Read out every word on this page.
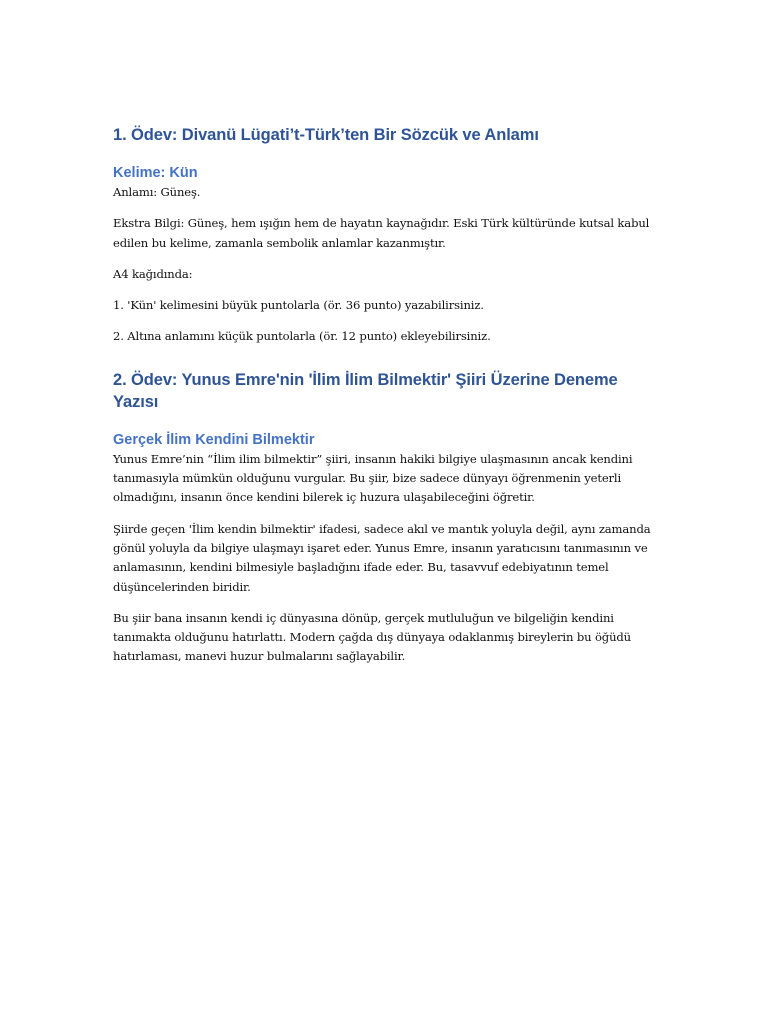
1. Ödev: Divanü Lügati’t-Türk’ten Bir Sözcük ve Anlamı
Kelime: Kün

Anlamı: Güneş.

Ekstra Bilgi: Güneş, hem ışığın hem de hayatın kaynağıdır. Eski Türk kültüründe kutsal kabul edilen bu kelime, zamanla sembolik anlamlar kazanmıştır.

A4 kağıdında:

1. 'Kün' kelimesini büyük puntolarla (ör. 36 punto) yazabilirsiniz.

2. Altına anlamını küçük puntolarla (ör. 12 punto) ekleyebilirsiniz.

2. Ödev: Yunus Emre'nin 'İlim İlim Bilmektir' Şiiri Üzerine Deneme Yazısı
Gerçek İlim Kendini Bilmektir

Yunus Emre’nin “İlim ilim bilmektir” şiiri, insanın hakiki bilgiye ulaşmasının ancak kendini tanımasıyla mümkün olduğunu vurgular. Bu şiir, bize sadece dünyayı öğrenmenin yeterli olmadığını, insanın önce kendini bilerek iç huzura ulaşabileceğini öğretir.

Şiirde geçen 'İlim kendin bilmektir' ifadesi, sadece akıl ve mantık yoluyla değil, aynı zamanda gönül yoluyla da bilgiye ulaşmayı işaret eder. Yunus Emre, insanın yaratıcısını tanımasının ve anlamasının, kendini bilmesiyle başladığını ifade eder. Bu, tasavvuf edebiyatının temel düşüncelerinden biridir.

Bu şiir bana insanın kendi iç dünyasına dönüp, gerçek mutluluğun ve bilgeliğin kendini tanımakta olduğunu hatırlattı. Modern çağda dış dünyaya odaklanmış bireylerin bu öğüdü hatırlaması, manevi huzur bulmalarını sağlayabilir.
